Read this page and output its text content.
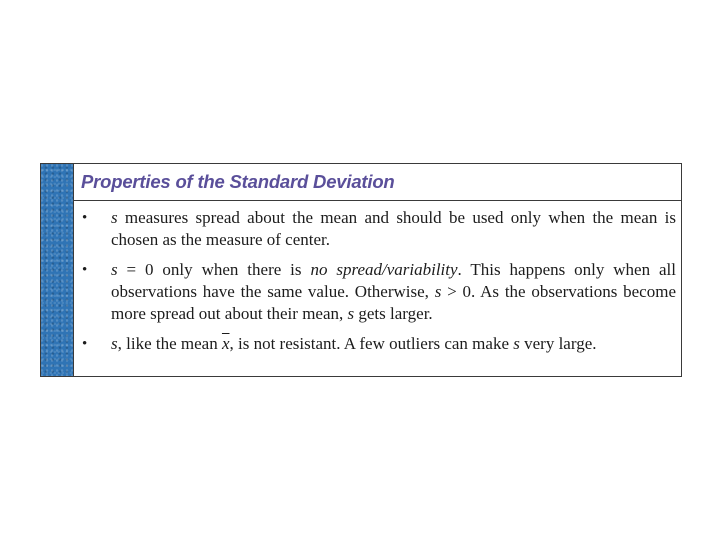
Properties of the Standard Deviation
• s measures spread about the mean and should be used only when the mean is chosen as the measure of center.
• s = 0 only when there is no spread/variability. This happens only when all observations have the same value. Otherwise, s > 0. As the observations become more spread out about their mean, s gets larger.
• s, like the mean $\overline{x}$, is not resistant. A few outliers can make s very large.
